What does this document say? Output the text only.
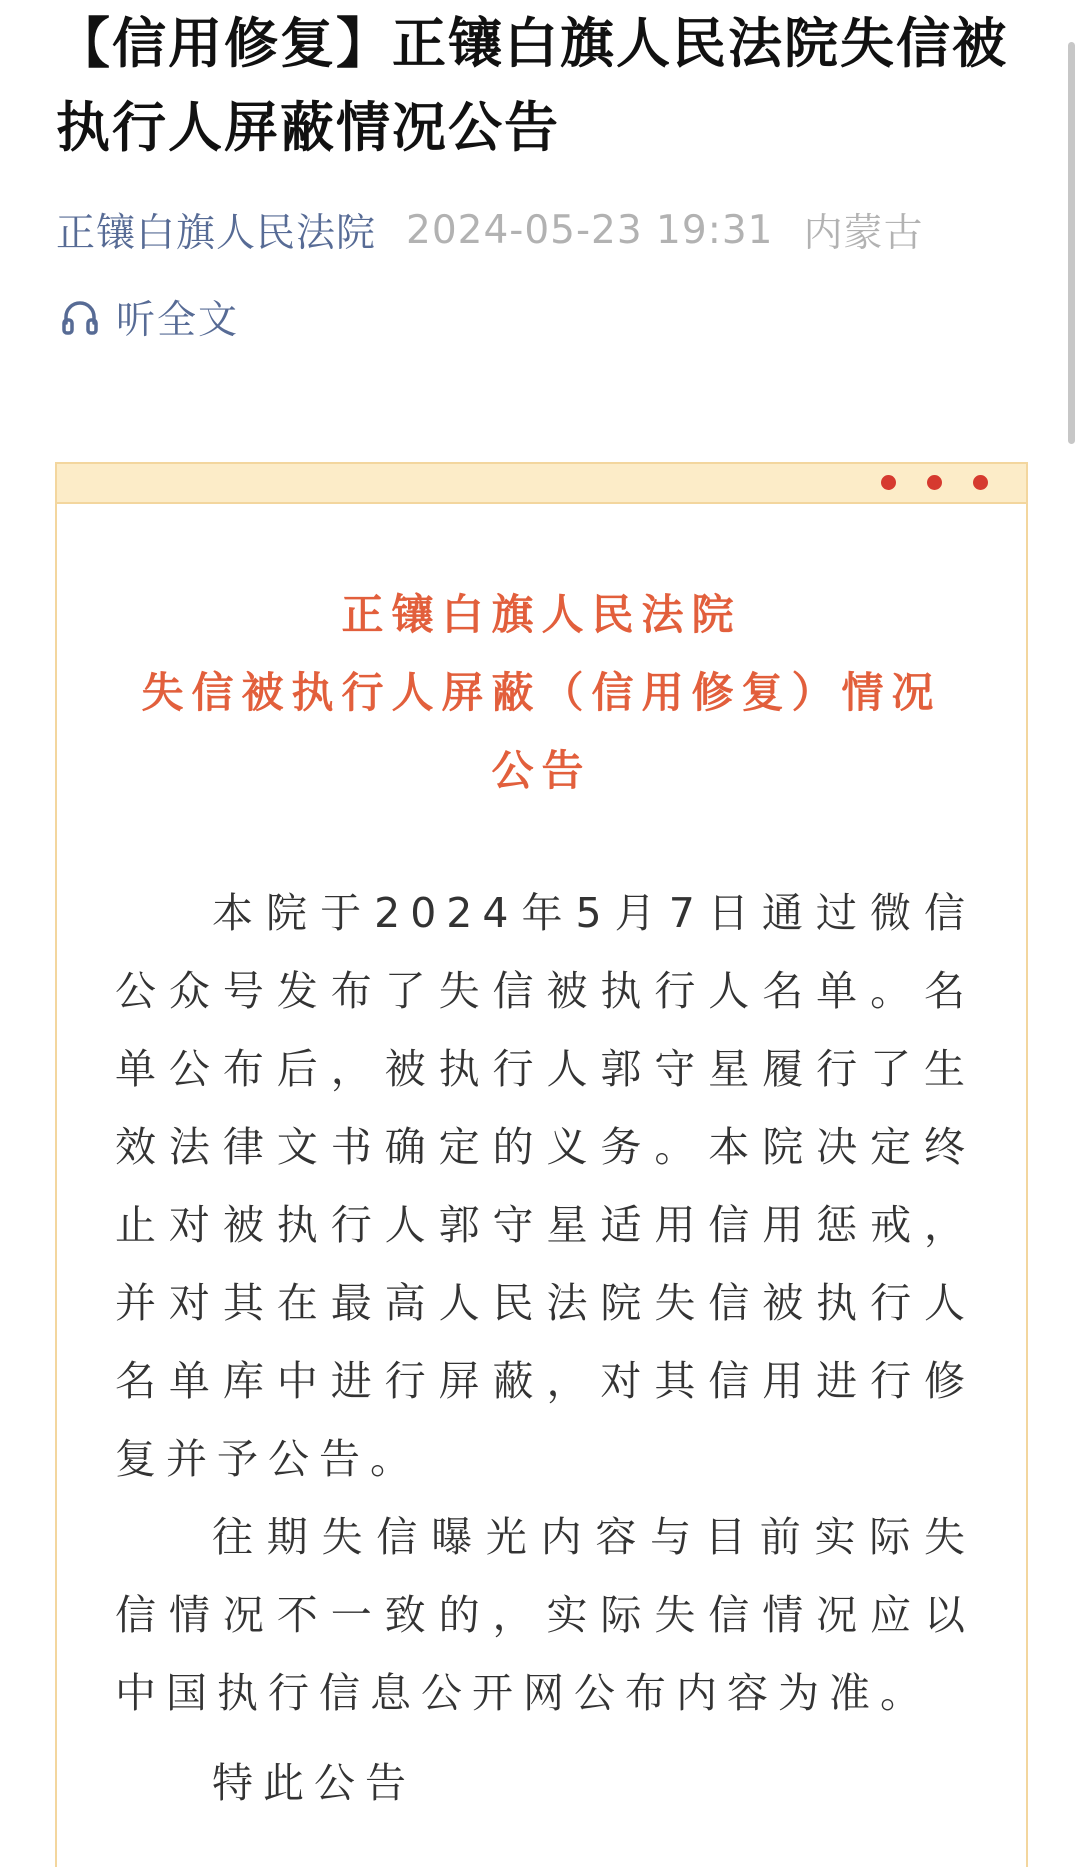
【信用修复】正镶白旗人民法院失信被执行人屏蔽情况公告
正镶白旗人民法院 2024-05-23 19:31 内蒙古
听全文
正镶白旗人民法院
失信被执行人屏蔽（信用修复）情况
公告

本院于2024年5月7日通过微信公众号发布了失信被执行人名单。名单公布后，被执行人郭守星履行了生效法律文书确定的义务。本院决定终止对被执行人郭守星适用信用惩戒，并对其在最高人民法院失信被执行人名单库中进行屏蔽，对其信用进行修复并予公告。

往期失信曝光内容与目前实际失信情况不一致的，实际失信情况应以中国执行信息公开网公布内容为准。

特此公告
